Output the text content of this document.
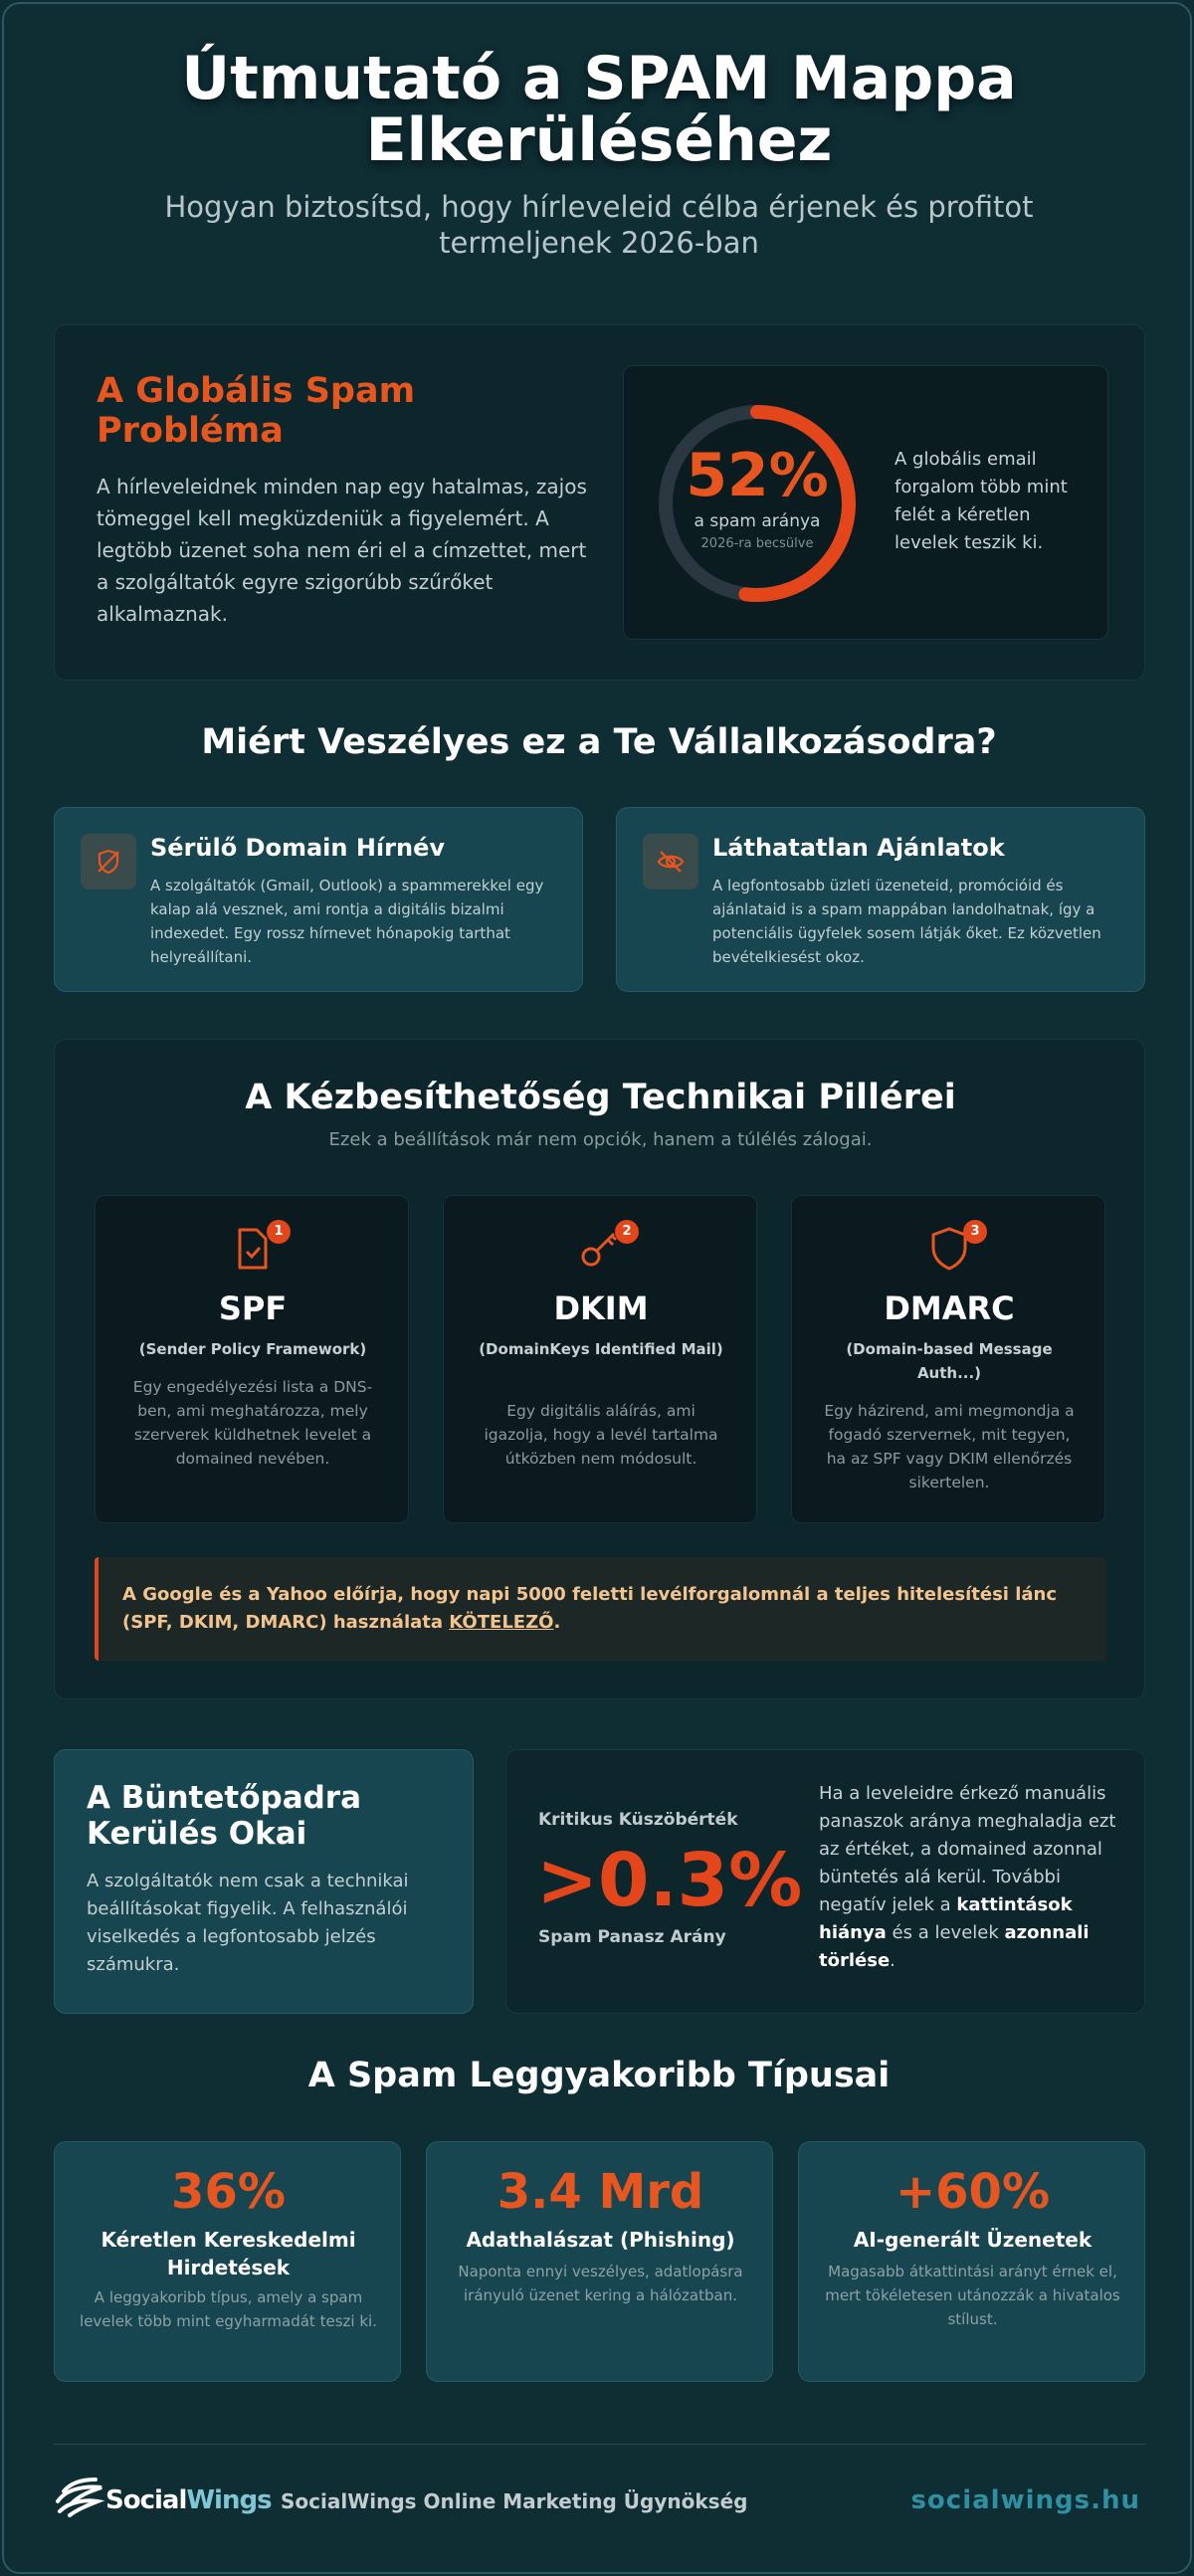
Útmutató a SPAM Mappa Elkerüléséhez

Hogyan biztosítsd, hogy hírleveleid célba érjenek és profitot termeljenek 2026-ban

A Globális Spam Probléma

A hírleveleidnek minden nap egy hatalmas, zajos tömeggel kell megküzdeniük a figyelemért. A legtöbb üzenet soha nem éri el a címzettet, mert a szolgáltatók egyre szigorúbb szűrőket alkalmaznak.

52%
a spam aránya
2026-ra becsülve
A globális email forgalom több mint felét a kéretlen levelek teszik ki.
Miért Veszélyes ez a Te Vállalkozásodra?
Sérülő Domain Hírnév

A szolgáltatók (Gmail, Outlook) a spammerekkel egy kalap alá vesznek, ami rontja a digitális bizalmi indexedet. Egy rossz hírnevet hónapokig tarthat helyreállítani.

Láthatatlan Ajánlatok

A legfontosabb üzleti üzeneteid, promócióid és ajánlataid is a spam mappában landolhatnak, így a potenciális ügyfelek sosem látják őket. Ez közvetlen bevételkiesést okoz.

A Kézbesíthetőség Technikai Pillérei
Ezek a beállítások már nem opciók, hanem a túlélés zálogai.
1
SPF
(Sender Policy Framework)
Egy engedélyezési lista a DNS-ben, ami meghatározza, mely szerverek küldhetnek levelet a domained nevében.
2
DKIM
(DomainKeys Identified Mail)
Egy digitális aláírás, ami igazolja, hogy a levél tartalma útközben nem módosult.
3
DMARC
(Domain-based Message Auth...)
Egy házirend, ami megmondja a fogadó szervernek, mit tegyen, ha az SPF vagy DKIM ellenőrzés sikertelen.

A Google és a Yahoo előírja, hogy napi 5000 feletti levélforgalomnál a teljes hitelesítési lánc (SPF, DKIM, DMARC) használata KÖTELEZŐ.

A Büntetőpadra Kerülés Okai

A szolgáltatók nem csak a technikai beállításokat figyelik. A felhasználói viselkedés a legfontosabb jelzés számukra.

Kritikus Küszöbérték
>0.3%
Spam Panasz Arány
Ha a leveleidre érkező manuális panaszok aránya meghaladja ezt az értéket, a domained azonnal büntetés alá kerül. További negatív jelek a kattintások hiánya és a levelek azonnali törlése.
A Spam Leggyakoribb Típusai
36%
Kéretlen Kereskedelmi Hirdetések

A leggyakoribb típus, amely a spam levelek több mint egyharmadát teszi ki.

3.4 Mrd
Adathalászat (Phishing)

Naponta ennyi veszélyes, adatlopásra irányuló üzenet kering a hálózatban.

+60%
AI-generált Üzenetek

Magasabb átkattintási arányt érnek el, mert tökéletesen utánozzák a hivatalos stílust.

SocialWings SocialWings Online Marketing Ügynökség	socialwings.hu
